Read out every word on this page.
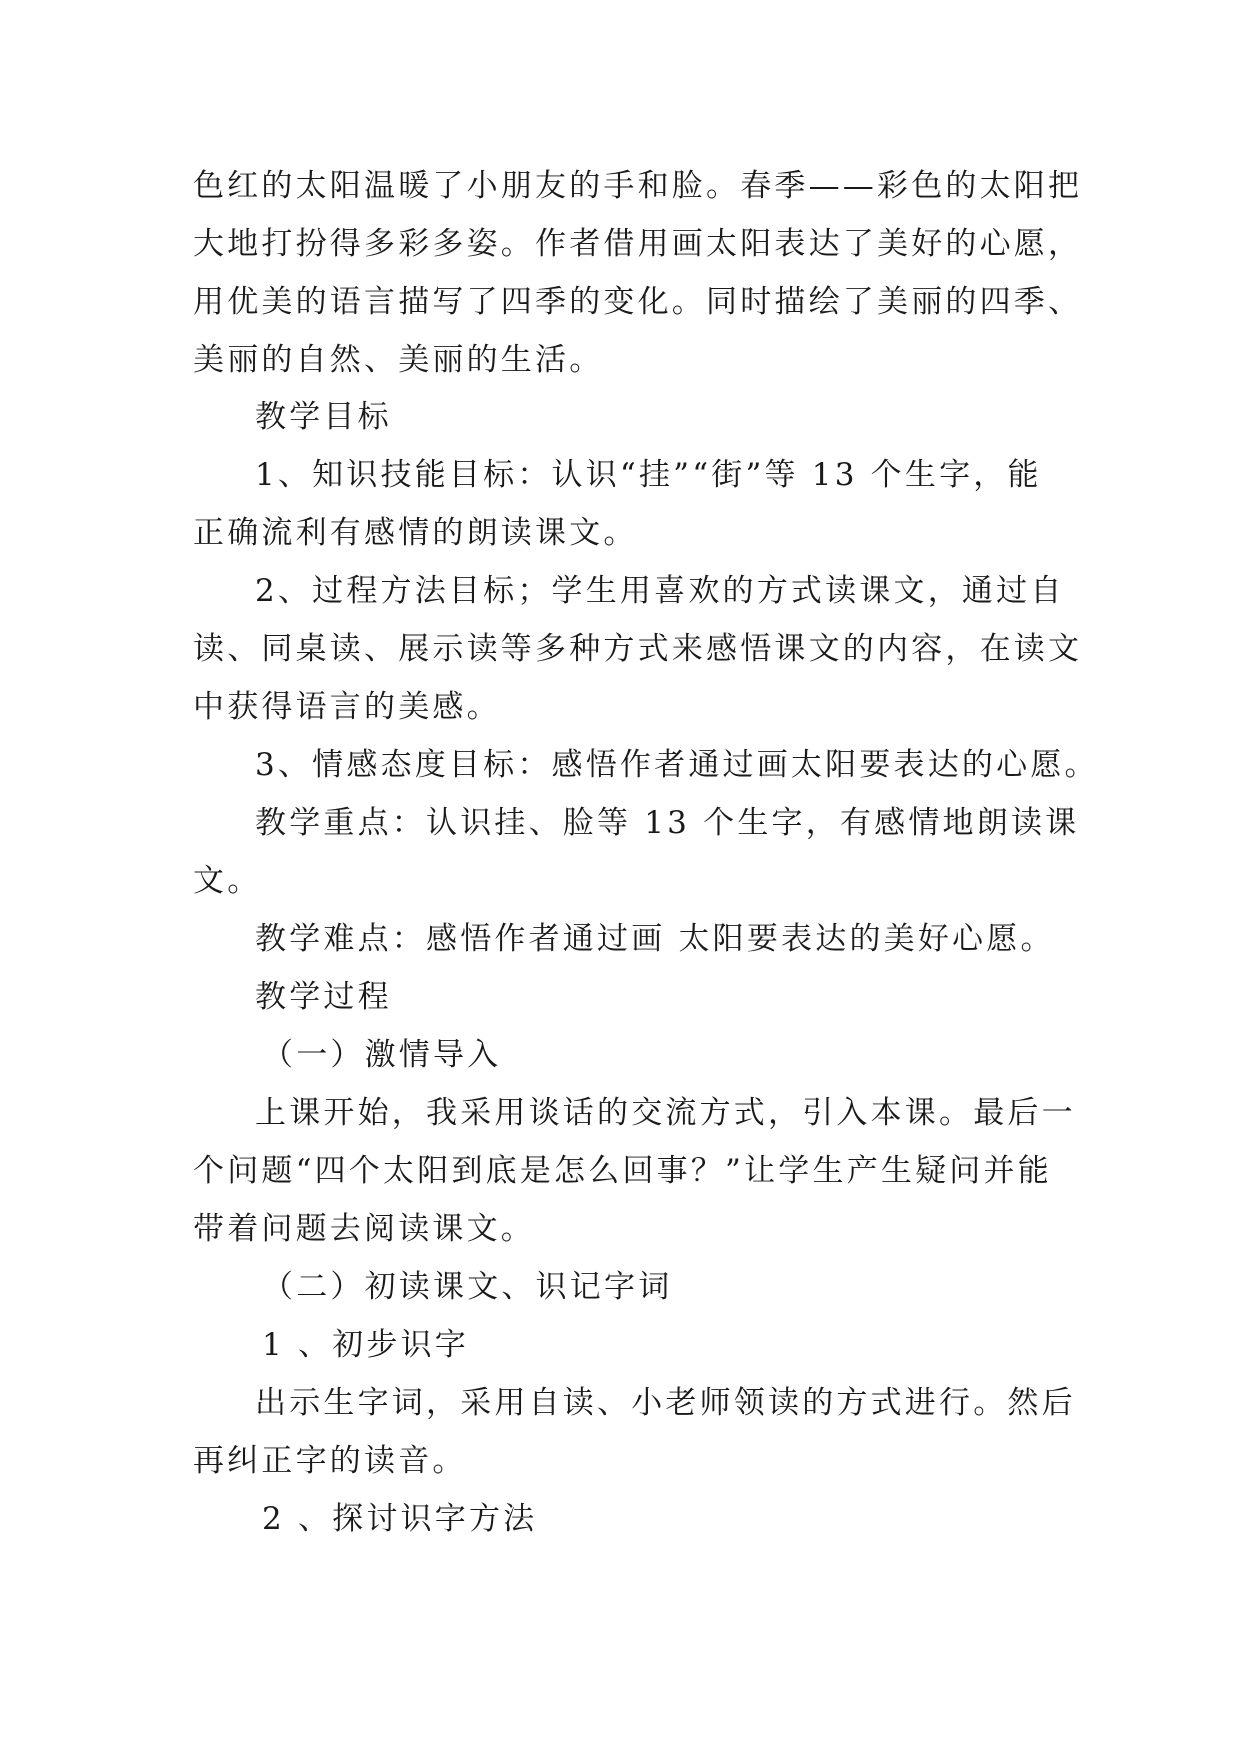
色红的太阳温暖了小朋友的手和脸。春季——彩色的太阳把
大地打扮得多彩多姿。作者借用画太阳表达了美好的心愿，
用优美的语言描写了四季的变化。同时描绘了美丽的四季、
美丽的自然、美丽的生活。
教学目标
1、知识技能目标：认识“挂”“街”等 13 个生字，能
正确流利有感情的朗读课文。
2、过程方法目标；学生用喜欢的方式读课文，通过自
读、同桌读、展示读等多种方式来感悟课文的内容，在读文
中获得语言的美感。
3、情感态度目标：感悟作者通过画太阳要表达的心愿。
教学重点：认识挂、脸等 13 个生字，有感情地朗读课
文。
教学难点：感悟作者通过画 太阳要表达的美好心愿。
教学过程
（一）激情导入
上课开始，我采用谈话的交流方式，引入本课。最后一
个问题“四个太阳到底是怎么回事？”让学生产生疑问并能
带着问题去阅读课文。
（二）初读课文、识记字词
1 、初步识字
出示生字词，采用自读、小老师领读的方式进行。然后
再纠正字的读音。
2 、探讨识字方法
